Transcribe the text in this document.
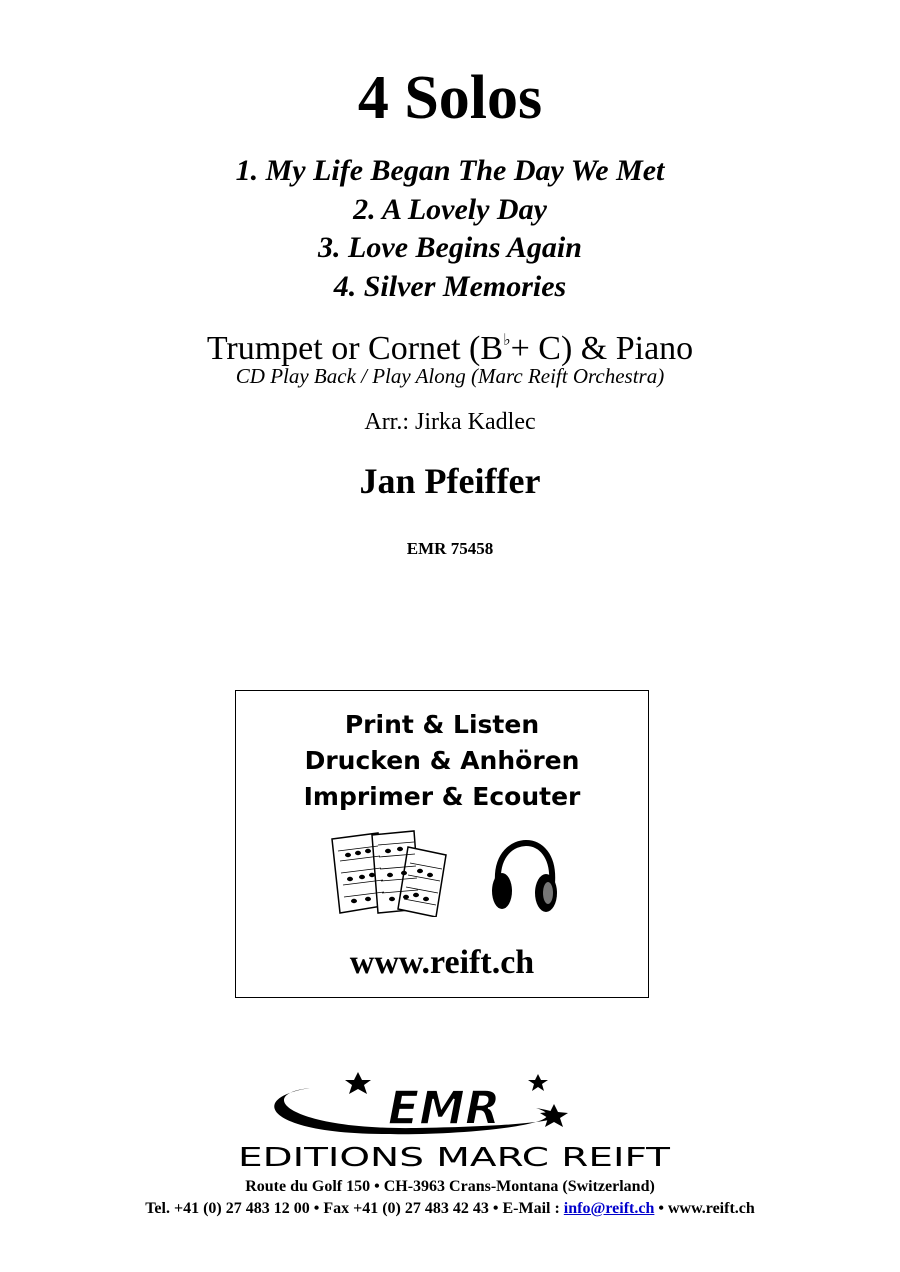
4 Solos
1. My Life Began The Day We Met
2. A Lovely Day
3. Love Begins Again
4. Silver Memories
Trumpet or Cornet (B♭+ C) & Piano
CD Play Back / Play Along (Marc Reift Orchestra)
Arr.: Jirka Kadlec
Jan Pfeiffer
EMR 75458
Print & Listen
Drucken & Anhören
Imprimer & Ecouter
www.reift.ch
EMR
EDITIONS MARC REIFT
Route du Golf 150 • CH-3963 Crans-Montana (Switzerland)
Tel. +41 (0) 27 483 12 00 • Fax +41 (0) 27 483 42 43 • E-Mail : info@reift.ch • www.reift.ch
